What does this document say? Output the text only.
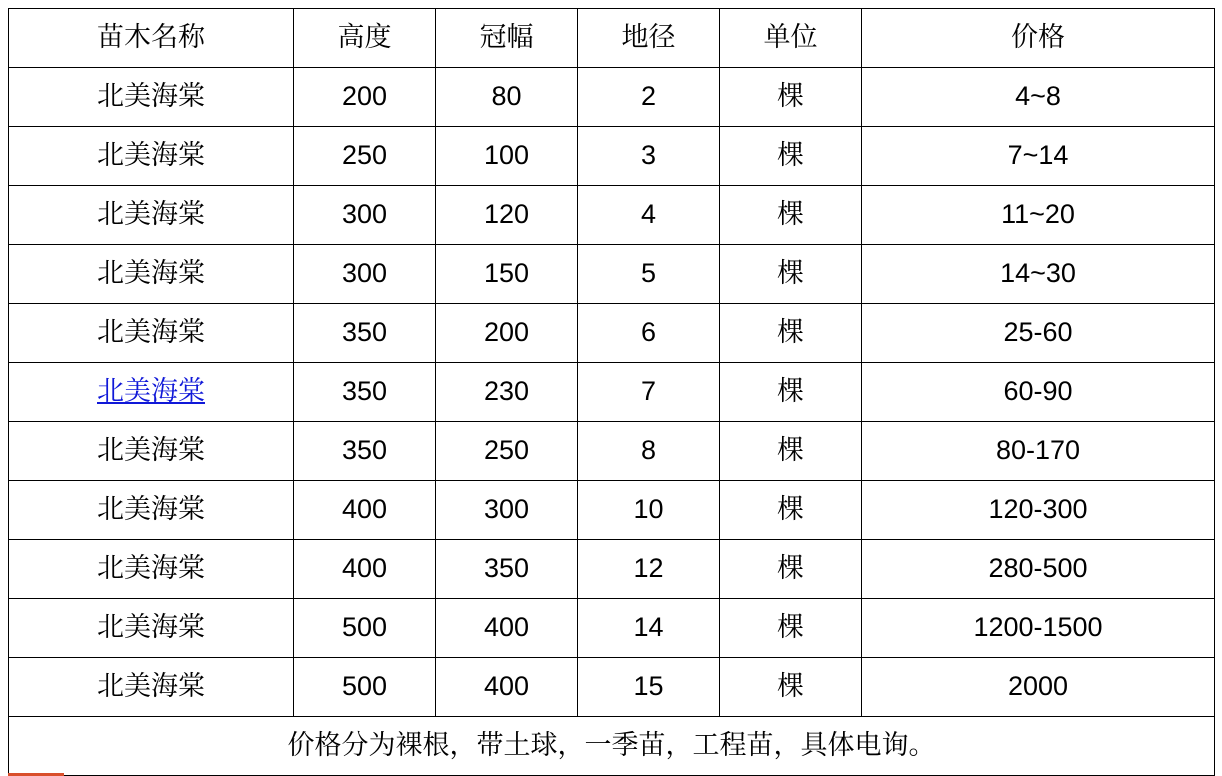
苗木名称	高度	冠幅	地径	单位	价格
北美海棠	200	80	2	棵	4~8
北美海棠	250	100	3	棵	7~14
北美海棠	300	120	4	棵	11~20
北美海棠	300	150	5	棵	14~30
北美海棠	350	200	6	棵	25-60
北美海棠	350	230	7	棵	60-90
北美海棠	350	250	8	棵	80-170
北美海棠	400	300	10	棵	120-300
北美海棠	400	350	12	棵	280-500
北美海棠	500	400	14	棵	1200-1500
北美海棠	500	400	15	棵	2000
价格分为裸根，带土球，一季苗，工程苗，具体电询。					
